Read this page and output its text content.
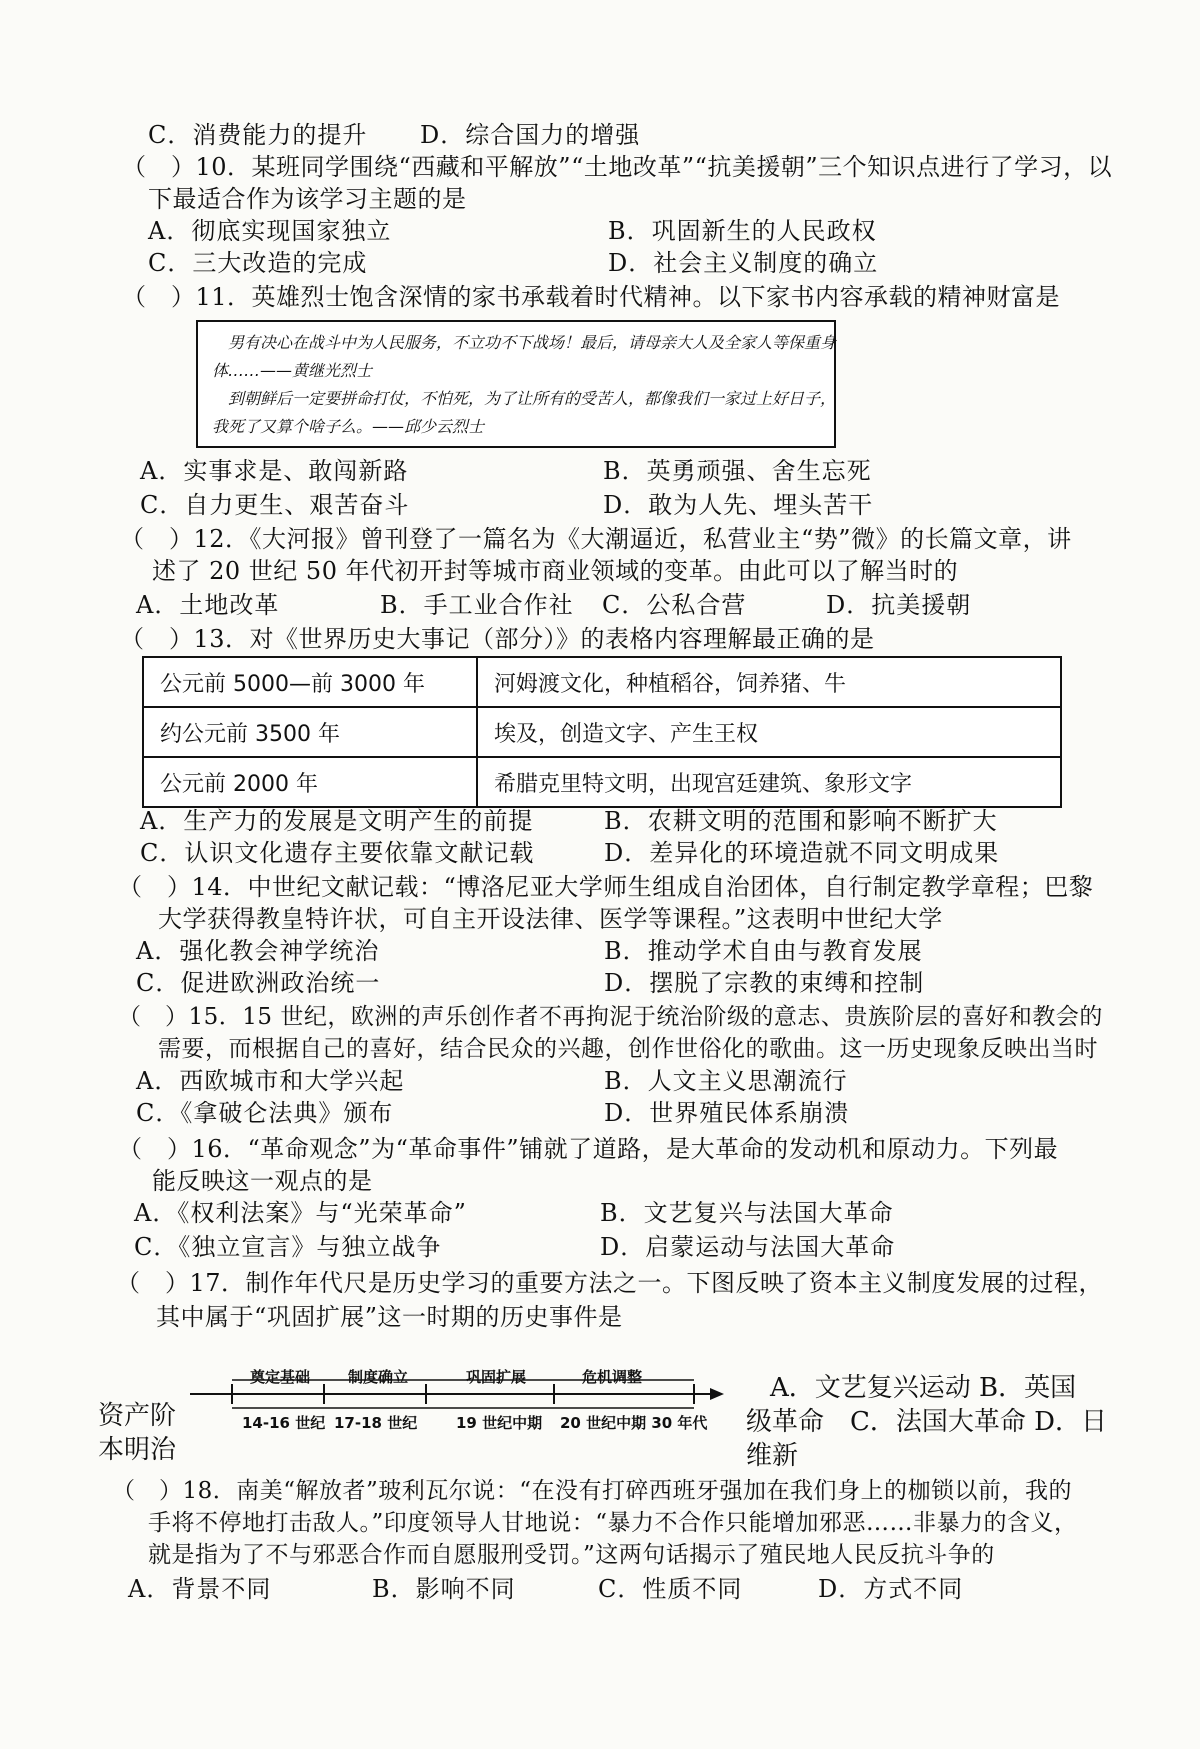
C．消费能力的提升 D．综合国力的增强
（　）10．某班同学围绕“西藏和平解放”“土地改革”“抗美援朝”三个知识点进行了学习，以
下最适合作为该学习主题的是
A．彻底实现国家独立	B．巩固新生的人民政权
C．三大改造的完成	D．社会主义制度的确立
（　）11．英雄烈士饱含深情的家书承载着时代精神。以下家书内容承载的精神财富是
男有决心在战斗中为人民服务，不立功不下战场！最后，请母亲大人及全家人等保重身
体……——黄继光烈士
到朝鲜后一定要拼命打仗，不怕死，为了让所有的受苦人，都像我们一家过上好日子，
我死了又算个啥子么。——邱少云烈士
A．实事求是、敢闯新路	B．英勇顽强、舍生忘死
C．自力更生、艰苦奋斗	D．敢为人先、埋头苦干
（　）12．《大河报》曾刊登了一篇名为《大潮逼近，私营业主“势”微》的长篇文章，讲
述了 20 世纪 50 年代初开封等城市商业领域的变革。由此可以了解当时的
A．土地改革	B．手工业合作社 C．公私合营	D．抗美援朝
（　）13．对《世界历史大事记（部分）》的表格内容理解最正确的是
公元前 5000—前 3000 年	河姆渡文化，种植稻谷，饲养猪、牛
约公元前 3500 年	埃及，创造文字、产生王权
公元前 2000 年	希腊克里特文明，出现宫廷建筑、象形文字
A．生产力的发展是文明产生的前提	B．农耕文明的范围和影响不断扩大
C．认识文化遗存主要依靠文献记载	D．差异化的环境造就不同文明成果
（　）14．中世纪文献记载：“博洛尼亚大学师生组成自治团体，自行制定教学章程；巴黎
大学获得教皇特许状，可自主开设法律、医学等课程。”这表明中世纪大学
A．强化教会神学统治	B．推动学术自由与教育发展
C．促进欧洲政治统一	D．摆脱了宗教的束缚和控制
（　）15．15 世纪，欧洲的声乐创作者不再拘泥于统治阶级的意志、贵族阶层的喜好和教会的
需要，而根据自己的喜好，结合民众的兴趣，创作世俗化的歌曲。这一历史现象反映出当时
A．西欧城市和大学兴起	B．人文主义思潮流行
C．《拿破仑法典》颁布	D．世界殖民体系崩溃
（　）16．“革命观念”为“革命事件”铺就了道路，是大革命的发动机和原动力。下列最
能反映这一观点的是
A．《权利法案》与“光荣革命”	B．文艺复兴与法国大革命
C．《独立宣言》与独立战争	D．启蒙运动与法国大革命
（　）17．制作年代尺是历史学习的重要方法之一。下图反映了资本主义制度发展的过程，
其中属于“巩固扩展”这一时期的历史事件是
奠定基础	制度确立	巩固扩展	危机调整
14-16 世纪 17-18 世纪	19 世纪中期 20 世纪中期 30 年代
资产阶
本明治
A．文艺复兴运动 B．英国
级革命　C．法国大革命 D．日
维新
（　）18．南美“解放者”玻利瓦尔说：“在没有打碎西班牙强加在我们身上的枷锁以前，我的
手将不停地打击敌人。”印度领导人甘地说：“暴力不合作只能增加邪恶……非暴力的含义，
就是指为了不与邪恶合作而自愿服刑受罚。”这两句话揭示了殖民地人民反抗斗争的
A．背景不同	B．影响不同	C．性质不同	D．方式不同
